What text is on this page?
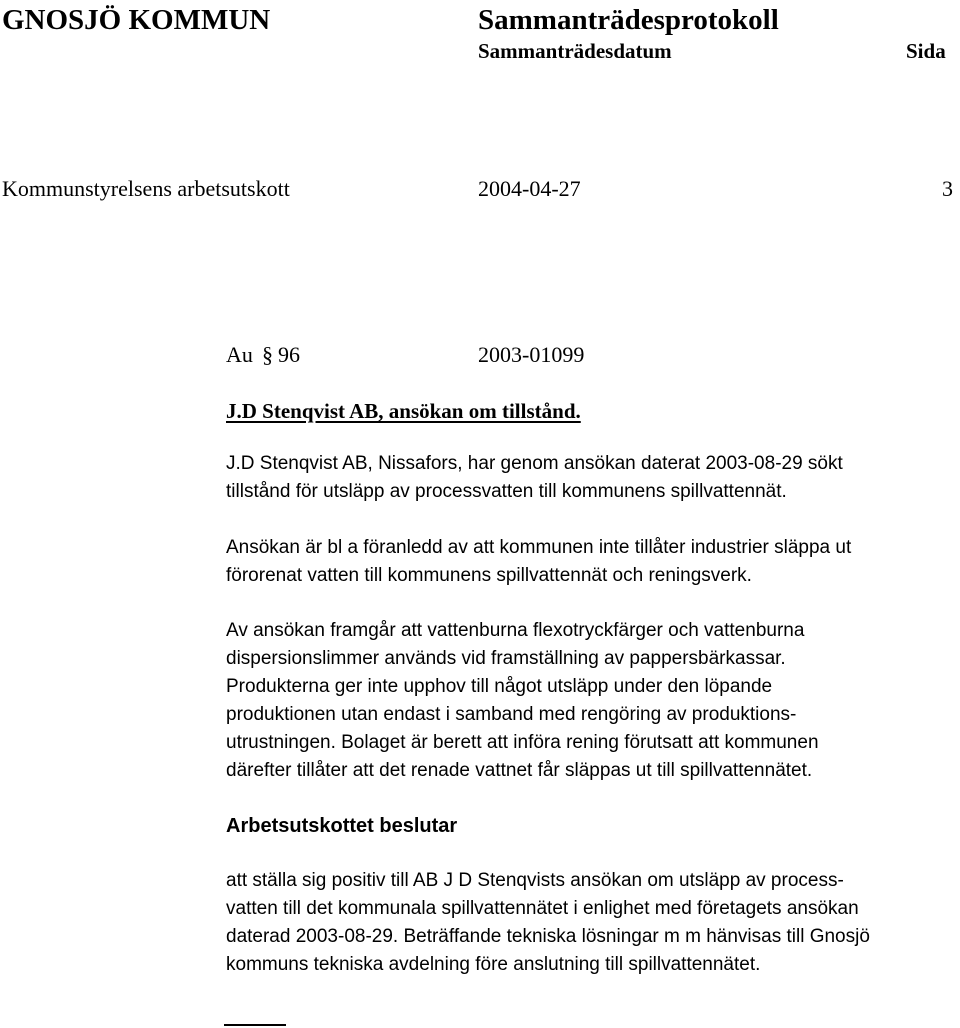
GNOSJÖ KOMMUN	Sammanträdesprotokoll
Sammanträdesdatum	Sida
Kommunstyrelsens arbetsutskott	2004-04-27	3
Au § 96	2003-01099
J.D Stenqvist AB, ansökan om tillstånd.
J.D Stenqvist AB, Nissafors, har genom ansökan daterat 2003-08-29 sökt
tillstånd för utsläpp av processvatten till kommunens spillvattennät.
Ansökan är bl a föranledd av att kommunen inte tillåter industrier släppa ut
förorenat vatten till kommunens spillvattennät och reningsverk.
Av ansökan framgår att vattenburna flexotryckfärger och vattenburna
dispersionslimmer används vid framställning av pappersbärkassar.
Produkterna ger inte upphov till något utsläpp under den löpande
produktionen utan endast i samband med rengöring av produktions-
utrustningen. Bolaget är berett att införa rening förutsatt att kommunen
därefter tillåter att det renade vattnet får släppas ut till spillvattennätet.
Arbetsutskottet beslutar
att ställa sig positiv till AB J D Stenqvists ansökan om utsläpp av process-
vatten till det kommunala spillvattennätet i enlighet med företagets ansökan
daterad 2003-08-29. Beträffande tekniska lösningar m m hänvisas till Gnosjö
kommuns tekniska avdelning före anslutning till spillvattennätet.
